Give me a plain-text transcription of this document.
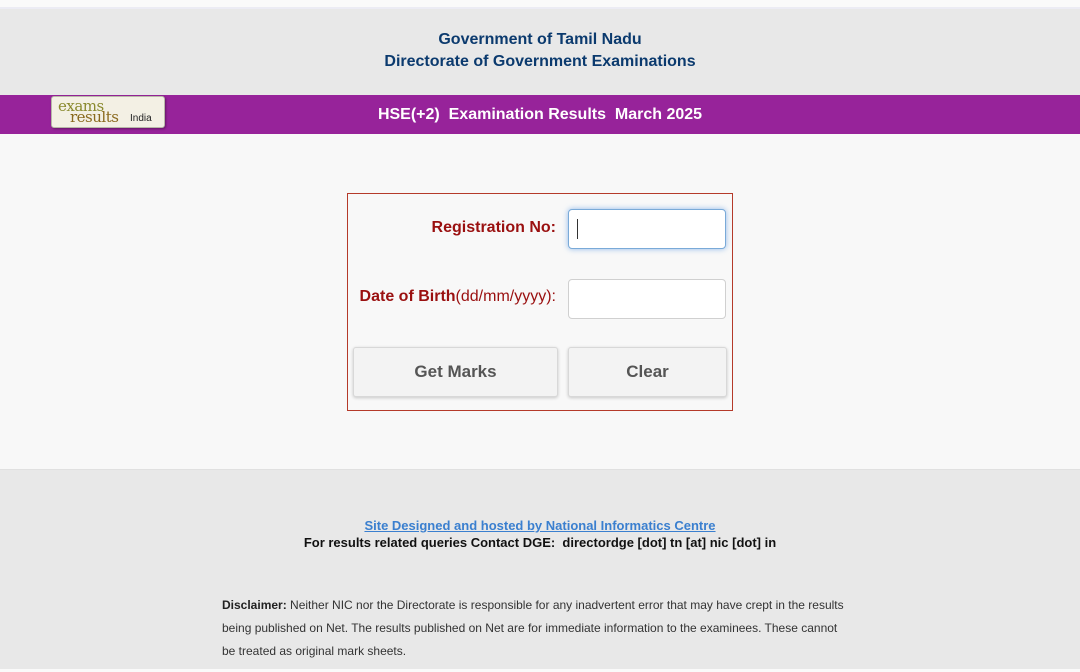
Government of Tamil Nadu
Directorate of Government Examinations
HSE(+2)  Examination Results  March 2025
exams
results India
Registration No:
Date of Birth(dd/mm/yyyy):
Get Marks	Clear
Site Designed and hosted by National Informatics Centre
For results related queries Contact DGE:  directordge [dot] tn [at] nic [dot] in
Disclaimer: Neither NIC nor the Directorate is responsible for any inadvertent error that may have crept in the results being published on Net. The results published on Net are for immediate information to the examinees. These cannot be treated as original mark sheets.
